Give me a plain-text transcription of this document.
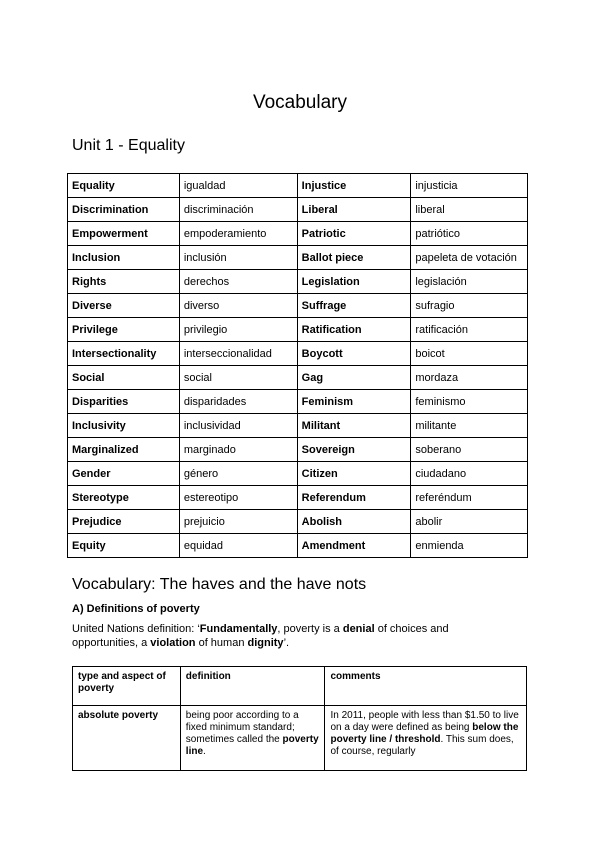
Vocabulary
Unit 1 - Equality
Equality	igualdad	Injustice	injusticia
Discrimination	discriminación	Liberal	liberal
Empowerment	empoderamiento	Patriotic	patriótico
Inclusion	inclusión	Ballot piece	papeleta de votación
Rights	derechos	Legislation	legislación
Diverse	diverso	Suffrage	sufragio
Privilege	privilegio	Ratification	ratificación
Intersectionality	interseccionalidad	Boycott	boicot
Social	social	Gag	mordaza
Disparities	disparidades	Feminism	feminismo
Inclusivity	inclusividad	Militant	militante
Marginalized	marginado	Sovereign	soberano
Gender	género	Citizen	ciudadano
Stereotype	estereotipo	Referendum	referéndum
Prejudice	prejuicio	Abolish	abolir
Equity	equidad	Amendment	enmienda
Vocabulary: The haves and the have nots
A) Definitions of poverty
United Nations definition: ‘Fundamentally, poverty is a denial of choices and opportunities, a violation of human dignity’.
type and aspect of poverty	definition	comments
absolute poverty	being poor according to a fixed minimum standard; sometimes called the poverty line.	In 2011, people with less than $1.50 to live on a day were defined as being below the poverty line / threshold. This sum does, of course, regularly
